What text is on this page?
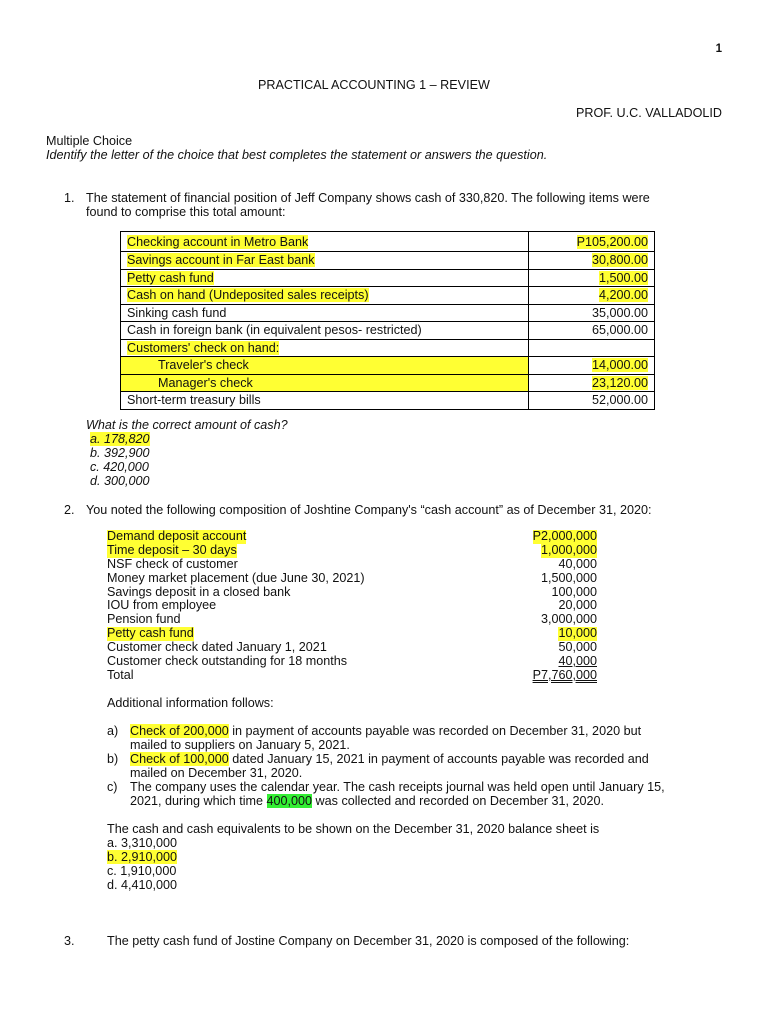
1
PRACTICAL ACCOUNTING 1 – REVIEW
PROF. U.C. VALLADOLID
Multiple Choice
Identify the letter of the choice that best completes the statement or answers the question.
1. The statement of financial position of Jeff Company shows cash of 330,820. The following items were
found to comprise this total amount:
Checking account in Metro Bank	P105,200.00
Savings account in Far East bank	30,800.00
Petty cash fund	1,500.00
Cash on hand (Undeposited sales receipts)	4,200.00
Sinking cash fund	35,000.00
Cash in foreign bank (in equivalent pesos- restricted)	65,000.00
Customers' check on hand:	
Traveler's check	14,000.00
Manager's check	23,120.00
Short-term treasury bills	52,000.00
What is the correct amount of cash?
a. 178,820
b. 392,900
c. 420,000
d. 300,000
2. You noted the following composition of Joshtine Company's “cash account” as of December 31, 2020:
Demand deposit account	P2,000,000
Time deposit – 30 days	1,000,000
NSF check of customer	40,000
Money market placement (due June 30, 2021)	1,500,000
Savings deposit in a closed bank	100,000
IOU from employee	20,000
Pension fund	3,000,000
Petty cash fund	10,000
Customer check dated January 1, 2021	50,000
Customer check outstanding for 18 months	40,000
Total	P7,760,000
Additional information follows:
a) Check of 200,000 in payment of accounts payable was recorded on December 31, 2020 but
mailed to suppliers on January 5, 2021.
b) Check of 100,000 dated January 15, 2021 in payment of accounts payable was recorded and
mailed on December 31, 2020.
c) The company uses the calendar year. The cash receipts journal was held open until January 15,
2021, during which time 400,000 was collected and recorded on December 31, 2020.
The cash and cash equivalents to be shown on the December 31, 2020 balance sheet is
a. 3,310,000
b. 2,910,000
c. 1,910,000
d. 4,410,000
3.	The petty cash fund of Jostine Company on December 31, 2020 is composed of the following:
